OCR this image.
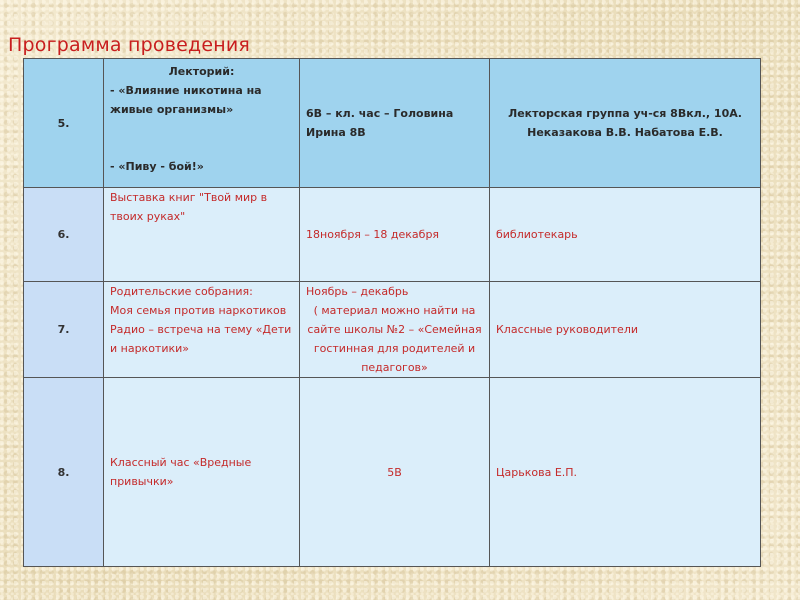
Программа проведения
5.	Лекторий:
- «Влияние никотина на живые организмы»
- «Пиву - бой!»	6В – кл. час – Головина Ирина 8В	Лекторская группа уч-ся 8Вкл., 10А. Неказакова В.В. Набатова Е.В.
6.	Выставка книг "Твой мир в твоих руках"	18ноября – 18 декабря	библиотекарь
7.	Родительские собрания:
Моя семья против наркотиков
Радио – встреча на тему «Дети и наркотики»	Ноябрь – декабрь
( материал можно найти на сайте школы №2 – «Семейная гостинная для родителей и педагогов»	Классные руководители
8.	Классный час «Вредные привычки»	5В	Царькова Е.П.
